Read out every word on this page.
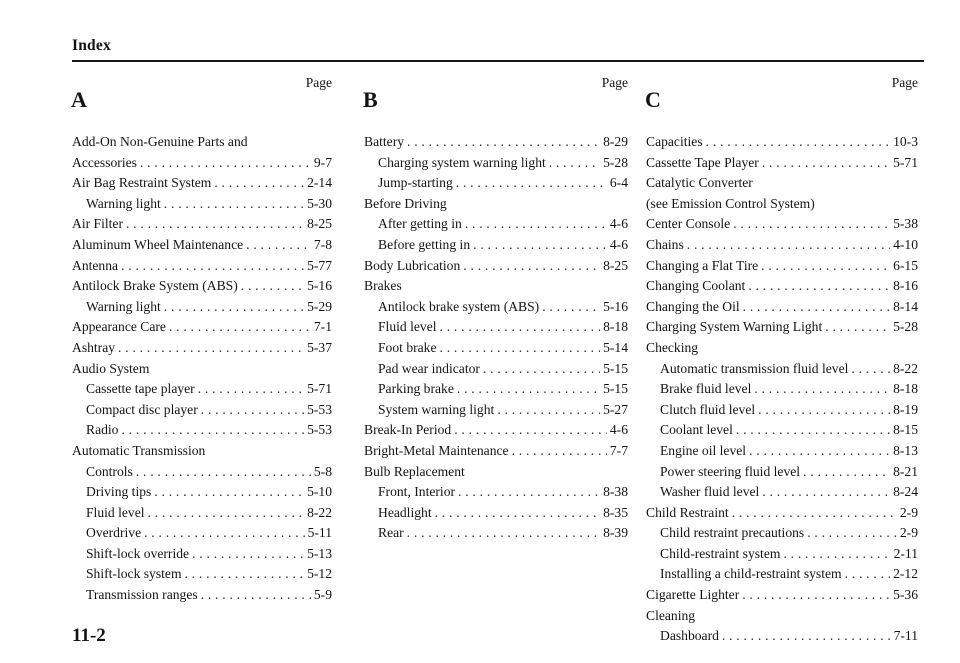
Index
Page
A
Add-On Non-Genuine Parts and
Accessories . . .	9-7
Air Bag Restraint System . . .	2-14
Warning light . . .	5-30
Air Filter . . .	8-25
Aluminum Wheel Maintenance . . .	7-8
Antenna . . .	5-77
Antilock Brake System (ABS) . . .	5-16
Warning light . . .	5-29
Appearance Care . . .	7-1
Ashtray . . .	5-37
Audio System
Cassette tape player . . .	5-71
Compact disc player . . .	5-53
Radio . . .	5-53
Automatic Transmission
Controls . . .	5-8
Driving tips . . .	5-10
Fluid level . . .	8-22
Overdrive . . .	5-11
Shift-lock override . . .	5-13
Shift-lock system . . .	5-12
Transmission ranges . . .	5-9
Page
B
Battery . . .	8-29
Charging system warning light . . .	5-28
Jump-starting . . .	6-4
Before Driving
After getting in . . .	4-6
Before getting in . . .	4-6
Body Lubrication . . .	8-25
Brakes
Antilock brake system (ABS) . . .	5-16
Fluid level . . .	8-18
Foot brake . . .	5-14
Pad wear indicator . . .	5-15
Parking brake . . .	5-15
System warning light . . .	5-27
Break-In Period . . .	4-6
Bright-Metal Maintenance . . .	7-7
Bulb Replacement
Front, Interior . . .	8-38
Headlight . . .	8-35
Rear . . .	8-39
Page
C
Capacities . . .	10-3
Cassette Tape Player . . .	5-71
Catalytic Converter
(see Emission Control System)
Center Console . . .	5-38
Chains . . .	4-10
Changing a Flat Tire . . .	6-15
Changing Coolant . . .	8-16
Changing the Oil . . .	8-14
Charging System Warning Light . . .	5-28
Checking
Automatic transmission fluid level . . .	8-22
Brake fluid level . . .	8-18
Clutch fluid level . . .	8-19
Coolant level . . .	8-15
Engine oil level . . .	8-13
Power steering fluid level . . .	8-21
Washer fluid level . . .	8-24
Child Restraint . . .	2-9
Child restraint precautions . . .	2-9
Child-restraint system . . .	2-11
Installing a child-restraint system . . .	2-12
Cigarette Lighter . . .	5-36
Cleaning
Dashboard . . .	7-11
11-2
